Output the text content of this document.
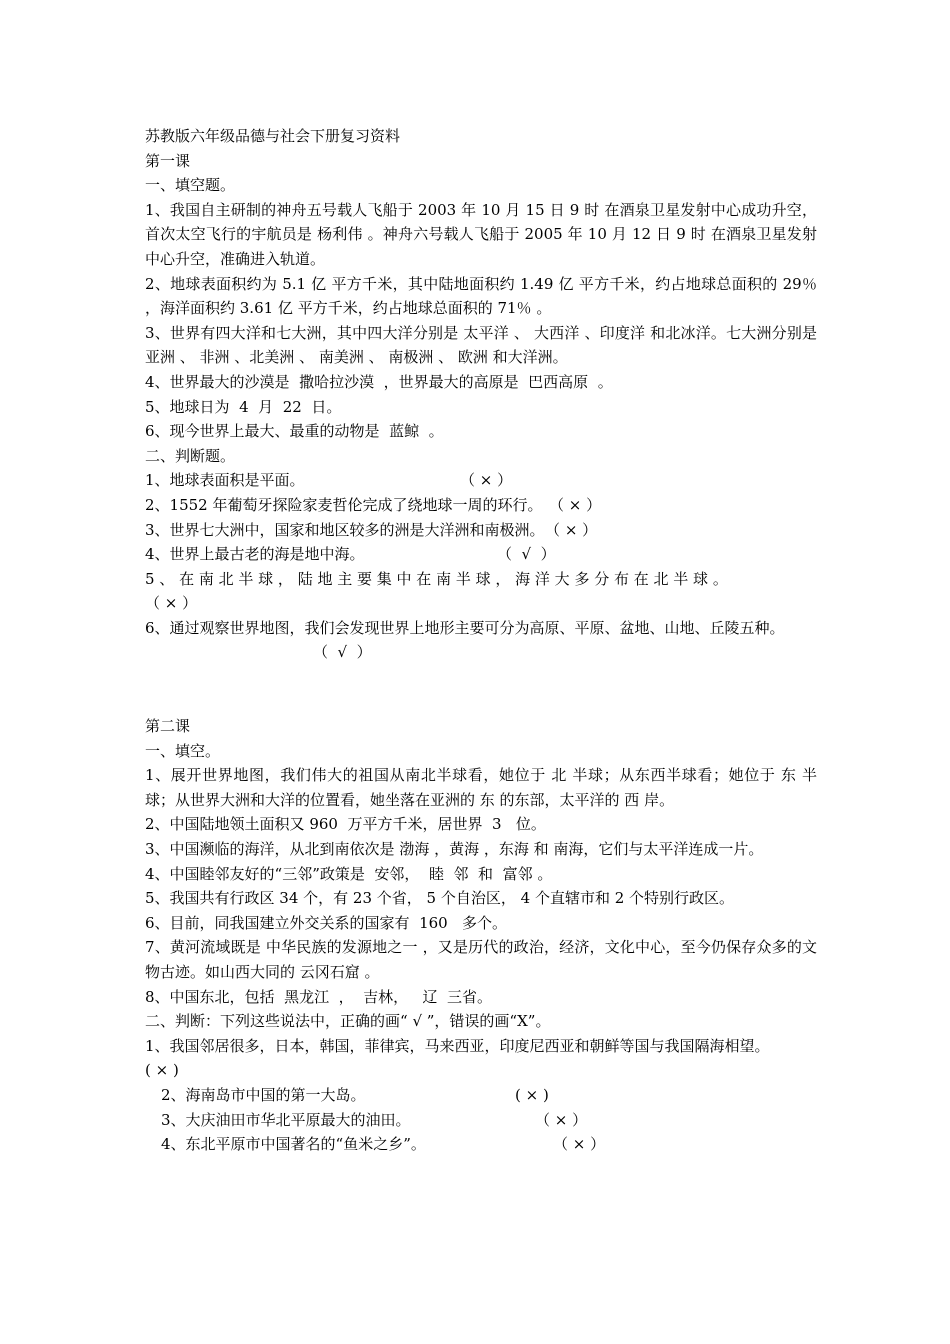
苏教版六年级品德与社会下册复习资料
第一课
一、填空题。
1、我国自主研制的神舟五号载人飞船于 2003 年 10 月 15 日 9 时 在酒泉卫星发射中心成功升空，首次太空飞行的宇航员是 杨利伟 。神舟六号载人飞船于 2005 年 10 月 12 日 9 时 在酒泉卫星发射中心升空，准确进入轨道。
2、地球表面积约为 5.1 亿 平方千米，其中陆地面积约 1.49 亿 平方千米，约占地球总面积的 29％ ，海洋面积约 3.61 亿 平方千米，约占地球总面积的 71％ 。
3、世界有四大洋和七大洲，其中四大洋分别是 太平洋 、 大西洋 、印度洋 和北冰洋。七大洲分别是 亚洲 、 非洲 、北美洲 、 南美洲 、 南极洲 、 欧洲 和大洋洲。
4、世界最大的沙漠是  撒哈拉沙漠  ，世界最大的高原是  巴西高原  。
5、地球日为  4  月  22  日。
6、现今世界上最大、最重的动物是  蓝鲸  。
二、判断题。
1、地球表面积是平面。	（ × ）
2、1552 年葡萄牙探险家麦哲伦完成了绕地球一周的环行。 （ × ）
3、世界七大洲中，国家和地区较多的洲是大洋洲和南极洲。 （ × ）
4、世界上最古老的海是地中海。	（  √  ）
5 、 在 南 北 半 球 ， 陆 地 主 要 集 中 在 南 半 球 ， 海 洋 大 多 分 布 在 北 半 球 。
（ × ）
6、通过观察世界地图，我们会发现世界上地形主要可分为高原、平原、盆地、山地、丘陵五种。
（  √  ）
第二课
一、填空。
1、展开世界地图，我们伟大的祖国从南北半球看，她位于 北 半球；从东西半球看；她位于 东 半球；从世界大洲和大洋的位置看，她坐落在亚洲的 东 的东部，太平洋的 西 岸。
2、中国陆地领土面积又 960  万平方千米，居世界  3   位。
3、中国濒临的海洋，从北到南依次是 渤海 ，黄海 ，东海 和 南海，它们与太平洋连成一片。
4、中国睦邻友好的“三邻”政策是  安邻，  睦  邻  和  富邻 。
5、我国共有行政区 34 个，有 23 个省， 5 个自治区， 4 个直辖市和 2 个特别行政区。
6、目前，同我国建立外交关系的国家有  160   多个。
7、黄河流域既是 中华民族的发源地之一 ，又是历代的政治，经济，文化中心，至今仍保存众多的文物古迹。如山西大同的 云冈石窟 。
8、中国东北，包括  黑龙江  ，  吉林，   辽  三省。
二、判断：下列这些说法中，正确的画“ √ ”，错误的画“X”。
1、我国邻居很多，日本，韩国，菲律宾，马来西亚，印度尼西亚和朝鲜等国与我国隔海相望。
( × )
2、海南岛市中国的第一大岛。	( × )
3、大庆油田市华北平原最大的油田。	（ × ）
4、东北平原市中国著名的“鱼米之乡”。	（ × ）
